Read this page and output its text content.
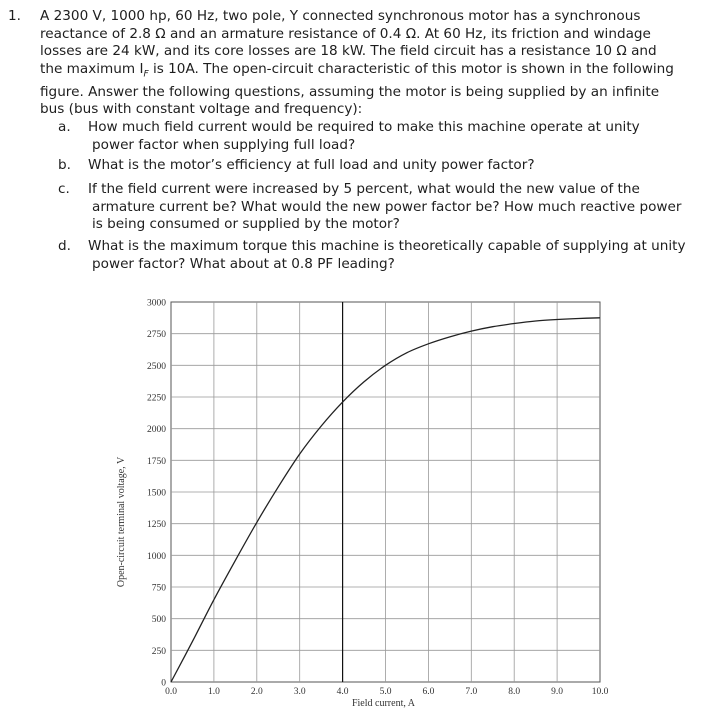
1. A 2300 V, 1000 hp, 60 Hz, two pole, Y connected synchronous motor has a synchronous
reactance of 2.8 Ω and an armature resistance of 0.4 Ω. At 60 Hz, its friction and windage
losses are 24 kW, and its core losses are 18 kW. The field circuit has a resistance 10 Ω and
the maximum $I_F$ is 10A. The open-circuit characteristic of this motor is shown in the following
figure. Answer the following questions, assuming the motor is being supplied by an infinite
bus (bus with constant voltage and frequency):
a. How much field current would be required to make this machine operate at unity
power factor when supplying full load?
b. What is the motor’s efficiency at full load and unity power factor?
c. If the field current were increased by 5 percent, what would the new value of the
armature current be? What would the new power factor be? How much reactive power
is being consumed or supplied by the motor?
d. What is the maximum torque this machine is theoretically capable of supplying at unity
power factor? What about at 0.8 PF leading?
0.0	1.0	2.0	3.0	4.0	5.0	6.0	7.0	8.0	9.0	10.0
0
250
500
750
1000
1250
1500
1750
2000
2250
2500
2750
3000
Field current, A
Open-circuit terminal voltage, V
